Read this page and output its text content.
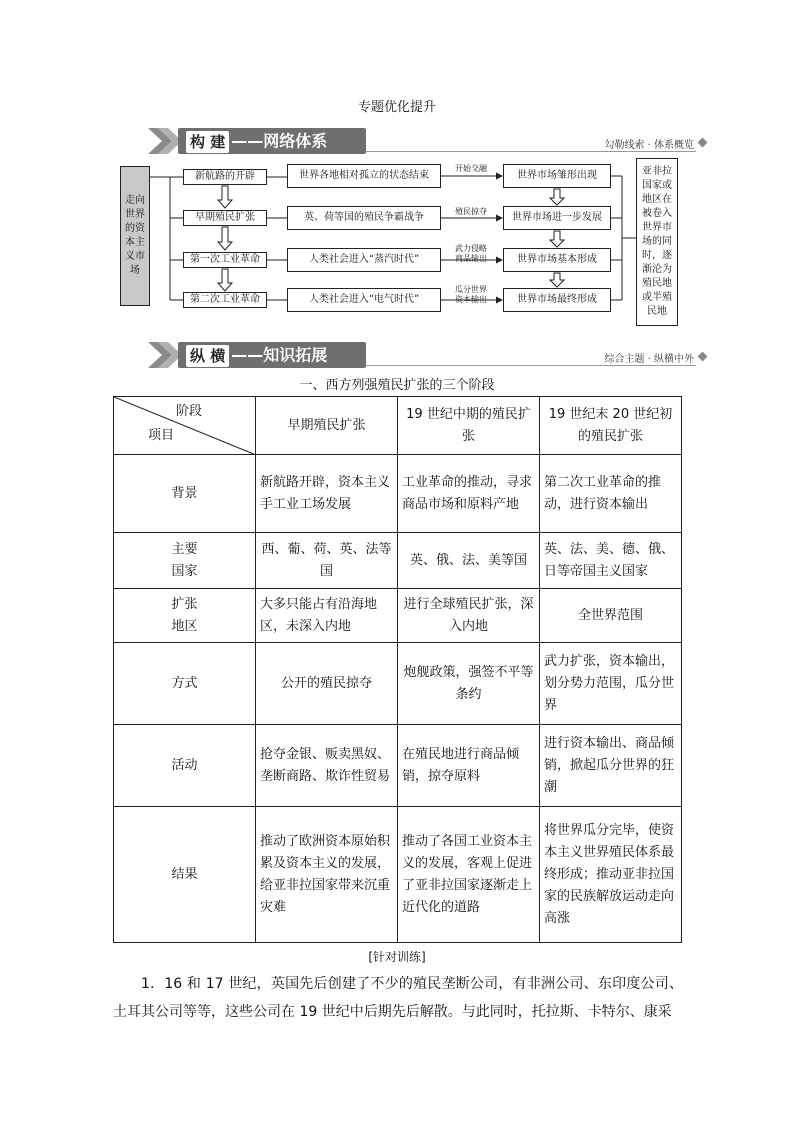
专题优化提升
构 建 ——网络体系	勾勒线索 · 体系概览
走向世界的资本主义市场
新航路的开辟
早期殖民扩张
第一次工业革命
第二次工业革命
世界各地相对孤立的状态结束
英、荷等国的殖民争霸战争
人类社会进入“蒸汽时代”
人类社会进入“电气时代”
世界市场雏形出现
世界市场进一步发展
世界市场基本形成
世界市场最终形成
亚非拉国家或地区在被卷入世界市场的同时，逐渐沦为殖民地或半殖民地
开始交融
殖民掠夺
武力侵略
商品输出
瓜分世界
资本输出
纵 横 ——知识拓展	综合主题 · 纵横中外
一、西方列强殖民扩张的三个阶段
阶段
项目	早期殖民扩张	19 世纪中期的殖民扩张	19 世纪末 20 世纪初的殖民扩张
背景	新航路开辟，资本主义手工业工场发展	工业革命的推动，寻求商品市场和原料产地	第二次工业革命的推动，进行资本输出
主要
国家	西、葡、荷、英、法等国	英、俄、法、美等国	英、法、美、德、俄、日等帝国主义国家
扩张
地区	大多只能占有沿海地区，未深入内地	进行全球殖民扩张，深入内地	全世界范围
方式	公开的殖民掠夺	炮舰政策，强签不平等条约	武力扩张，资本输出，划分势力范围，瓜分世界
活动	抢夺金银、贩卖黑奴、垄断商路、欺诈性贸易	在殖民地进行商品倾销，掠夺原料	进行资本输出、商品倾销，掀起瓜分世界的狂潮
结果	推动了欧洲资本原始积累及资本主义的发展，给亚非拉国家带来沉重灾难	推动了各国工业资本主义的发展，客观上促进了亚非拉国家逐渐走上近代化的道路	将世界瓜分完毕，使资本主义世界殖民体系最终形成；推动亚非拉国家的民族解放运动走向高涨
[针对训练]
1．16 和 17 世纪，英国先后创建了不少的殖民垄断公司，有非洲公司、东印度公司、土耳其公司等等，这些公司在 19 世纪中后期先后解散。与此同时，托拉斯、卡特尔、康采
